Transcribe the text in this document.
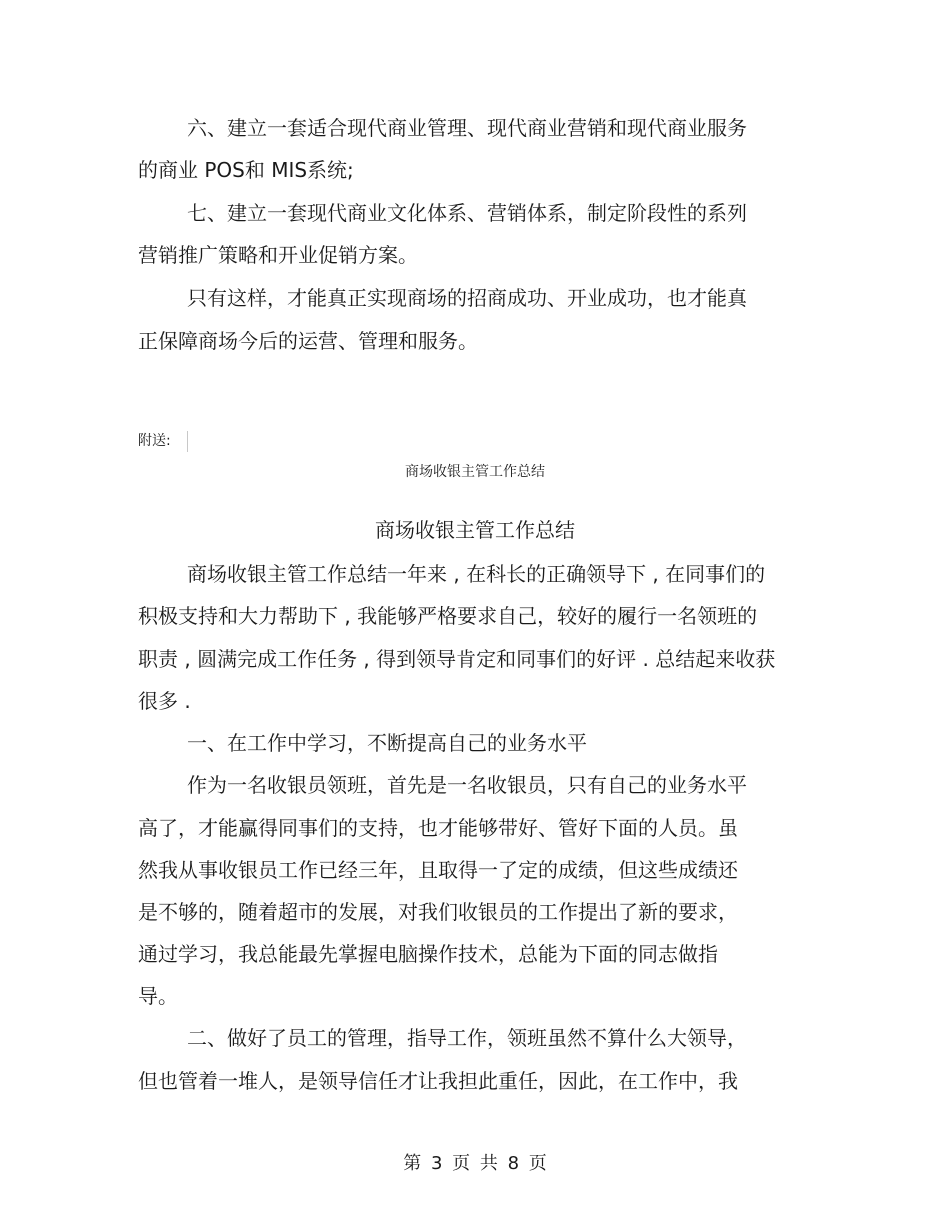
六、建立一套适合现代商业管理、现代商业营销和现代商业服务
的商业 POS和 MIS系统;
七、建立一套现代商业文化体系、营销体系，制定阶段性的系列
营销推广策略和开业促销方案。
只有这样，才能真正实现商场的招商成功、开业成功，也才能真
正保障商场今后的运营、管理和服务。
附送:
商场收银主管工作总结
商场收银主管工作总结
商场收银主管工作总结一年来 , 在科长的正确领导下 , 在同事们的
积极支持和大力帮助下 , 我能够严格要求自己，较好的履行一名领班的
职责 , 圆满完成工作任务 , 得到领导肯定和同事们的好评 . 总结起来收获
很多 .
一、在工作中学习，不断提高自己的业务水平
作为一名收银员领班，首先是一名收银员，只有自己的业务水平
高了，才能赢得同事们的支持，也才能够带好、管好下面的人员。虽
然我从事收银员工作已经三年，且取得一了定的成绩，但这些成绩还
是不够的，随着超市的发展，对我们收银员的工作提出了新的要求，
通过学习，我总能最先掌握电脑操作技术，总能为下面的同志做指
导。
二、做好了员工的管理，指导工作，领班虽然不算什么大领导，
但也管着一堆人，是领导信任才让我担此重任，因此，在工作中，我
第 3 页 共 8 页
